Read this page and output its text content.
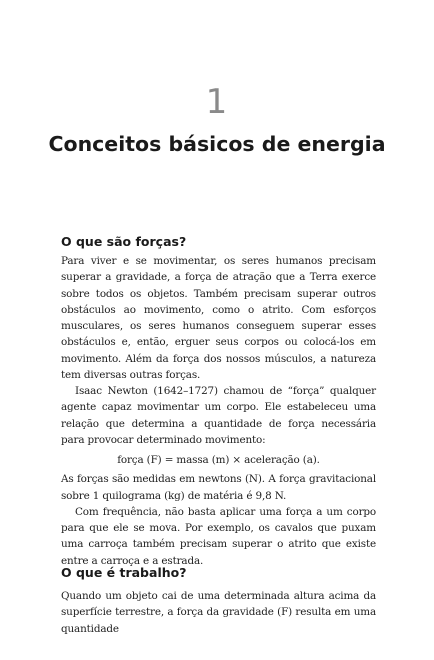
1
Conceitos básicos de energia
O que são forças?

Para viver e se movimentar, os seres humanos precisam superar a gravidade, a força de atração que a Terra exerce sobre todos os objetos. Também precisam superar outros obstáculos ao movimento, como o atrito. Com esforços musculares, os seres humanos conseguem superar esses obstáculos e, então, erguer seus corpos ou colocá-los em movimento. Além da força dos nossos músculos, a natureza tem diversas outras forças.

Isaac Newton (1642–1727) chamou de “força” qualquer agente capaz movimentar um corpo. Ele estabeleceu uma relação que determina a quantidade de força necessária para provocar determinado movimento:

força (F) = massa (m) × aceleração (a).

As forças são medidas em newtons (N). A força gravitacional sobre 1 quilograma (kg) de matéria é 9,8 N.

Com frequência, não basta aplicar uma força a um corpo para que ele se mova. Por exemplo, os cavalos que puxam uma carroça também precisam superar o atrito que existe entre a carroça e a estrada.

O que é trabalho?

Quando um objeto cai de uma determinada altura acima da superfície terrestre, a força da gravidade (F) resulta em uma quantidade
